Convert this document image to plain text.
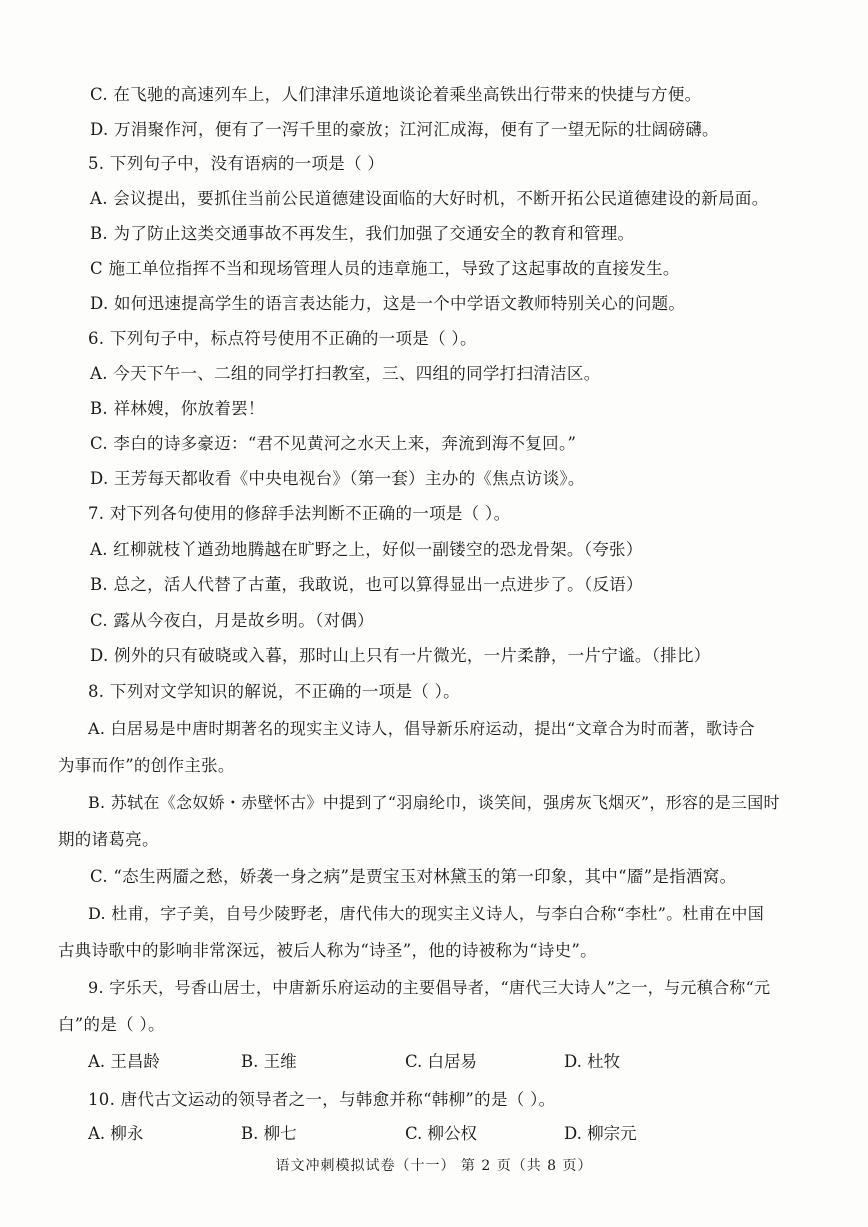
C. 在飞驰的高速列车上，人们津津乐道地谈论着乘坐高铁出行带来的快捷与方便。
D. 万涓聚作河，便有了一泻千里的豪放；江河汇成海，便有了一望无际的壮阔磅礴。
5. 下列句子中，没有语病的一项是（ ）
A. 会议提出，要抓住当前公民道德建设面临的大好时机，不断开拓公民道德建设的新局面。
B. 为了防止这类交通事故不再发生，我们加强了交通安全的教育和管理。
C 施工单位指挥不当和现场管理人员的违章施工，导致了这起事故的直接发生。
D. 如何迅速提高学生的语言表达能力，这是一个中学语文教师特别关心的问题。
6. 下列句子中，标点符号使用不正确的一项是（ ）。
A. 今天下午一、二组的同学打扫教室，三、四组的同学打扫清洁区。
B. 祥林嫂，你放着罢！
C. 李白的诗多豪迈：“君不见黄河之水天上来，奔流到海不复回。”
D. 王芳每天都收看《中央电视台》（第一套）主办的《焦点访谈》。
7. 对下列各句使用的修辞手法判断不正确的一项是（ ）。
A. 红柳就枝丫遒劲地腾越在旷野之上，好似一副镂空的恐龙骨架。（夸张）
B. 总之，活人代替了古董，我敢说，也可以算得显出一点进步了。（反语）
C. 露从今夜白，月是故乡明。（对偶）
D. 例外的只有破晓或入暮，那时山上只有一片微光，一片柔静，一片宁谧。（排比）
8. 下列对文学知识的解说，不正确的一项是（ ）。
A. 白居易是中唐时期著名的现实主义诗人，倡导新乐府运动，提出“文章合为时而著，歌诗合
为事而作”的创作主张。
B. 苏轼在《念奴娇・赤壁怀古》中提到了“羽扇纶巾，谈笑间，强虏灰飞烟灭”，形容的是三国时
期的诸葛亮。
C. “态生两靥之愁，娇袭一身之病”是贾宝玉对林黛玉的第一印象，其中“靥”是指酒窝。
D. 杜甫，字子美，自号少陵野老，唐代伟大的现实主义诗人，与李白合称“李杜”。杜甫在中国
古典诗歌中的影响非常深远，被后人称为“诗圣”，他的诗被称为“诗史”。
9. 字乐天，号香山居士，中唐新乐府运动的主要倡导者，“唐代三大诗人”之一，与元稹合称“元
白”的是（ ）。
A. 王昌龄	B. 王维	C. 白居易	D. 杜牧
10. 唐代古文运动的领导者之一，与韩愈并称“韩柳”的是（ ）。
A. 柳永	B. 柳七	C. 柳公权	D. 柳宗元
语文冲刺模拟试卷（十一） 第 2 页（共 8 页）
